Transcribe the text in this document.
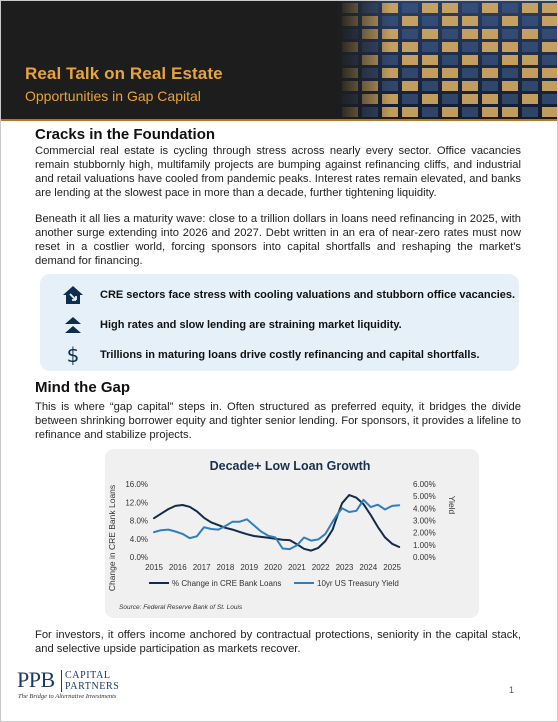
Real Talk on Real Estate
Opportunities in Gap Capital
Cracks in the Foundation

Commercial real estate is cycling through stress across nearly every sector. Office vacancies remain stubbornly high, multifamily projects are bumping against refinancing cliffs, and industrial and retail valuations have cooled from pandemic peaks. Interest rates remain elevated, and banks are lending at the slowest pace in more than a decade, further tightening liquidity.

Beneath it all lies a maturity wave: close to a trillion dollars in loans need refinancing in 2025, with another surge extending into 2026 and 2027. Debt written in an era of near-zero rates must now reset in a costlier world, forcing sponsors into capital shortfalls and reshaping the market's demand for financing.

CRE sectors face stress with cooling valuations and stubborn office vacancies.
High rates and slow lending are straining market liquidity.
$	Trillions in maturing loans drive costly refinancing and capital shortfalls.
Mind the Gap

This is where “gap capital” steps in. Often structured as preferred equity, it bridges the divide between shrinking borrower equity and tighter senior lending. For sponsors, it provides a lifeline to refinance and stabilize projects.

Decade+ Low Loan Growth
Change in CRE Bank Loans	Yield
0.0%
4.0%
8.0%
12.0%
16.0%
0.00%
1.00%
2.00%
3.00%
4.00%
5.00%
6.00%
2015 2016 2017 2018 2019 2020 2021 2022 2023 2024 2025
% Change in CRE Bank Loans	10yr US Treasury Yield
Source: Federal Reserve Bank of St. Louis

For investors, it offers income anchored by contractual protections, seniority in the capital stack, and selective upside participation as markets recover.

PPB CAPITAL
PARTNERS
The Bridge to Alternative Investments
1
